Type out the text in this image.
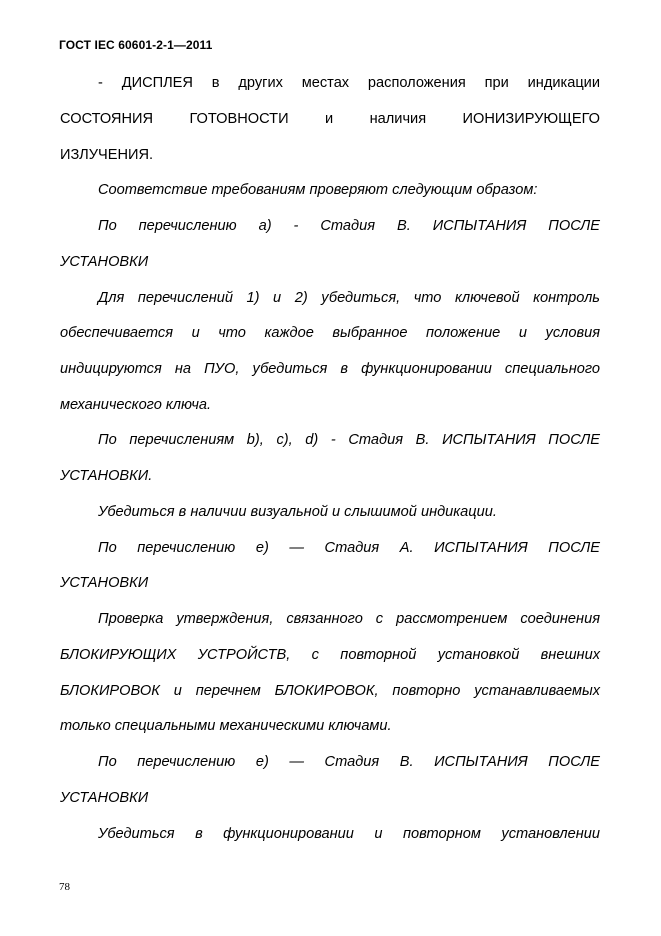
ГОСТ IEC 60601-2-1—2011
- ДИСПЛЕЯ в других местах расположения при индикации
СОСТОЯНИЯ ГОТОВНОСТИ и наличия ИОНИЗИРУЮЩЕГО
ИЗЛУЧЕНИЯ.
Соответствие требованиям проверяют следующим образом:
По перечислению a) - Стадия В. ИСПЫТАНИЯ ПОСЛЕ
УСТАНОВКИ
Для перечислений 1) и 2) убедиться, что ключевой контроль
обеспечивается и что каждое выбранное положение и условия
индицируются на ПУО, убедиться в функционировании специального
механического ключа.
По перечислениям b), c), d) - Стадия В. ИСПЫТАНИЯ ПОСЛЕ
УСТАНОВКИ.
Убедиться в наличии визуальной и слышимой индикации.
По перечислению е) — Стадия А. ИСПЫТАНИЯ ПОСЛЕ
УСТАНОВКИ
Проверка утверждения, связанного с рассмотрением соединения
БЛОКИРУЮЩИХ УСТРОЙСТВ, с повторной установкой внешних
БЛОКИРОВОК и перечнем БЛОКИРОВОК, повторно устанавливаемых
только специальными механическими ключами.
По перечислению е) — Стадия В. ИСПЫТАНИЯ ПОСЛЕ
УСТАНОВКИ
Убедиться в функционировании и повторном установлении
78
